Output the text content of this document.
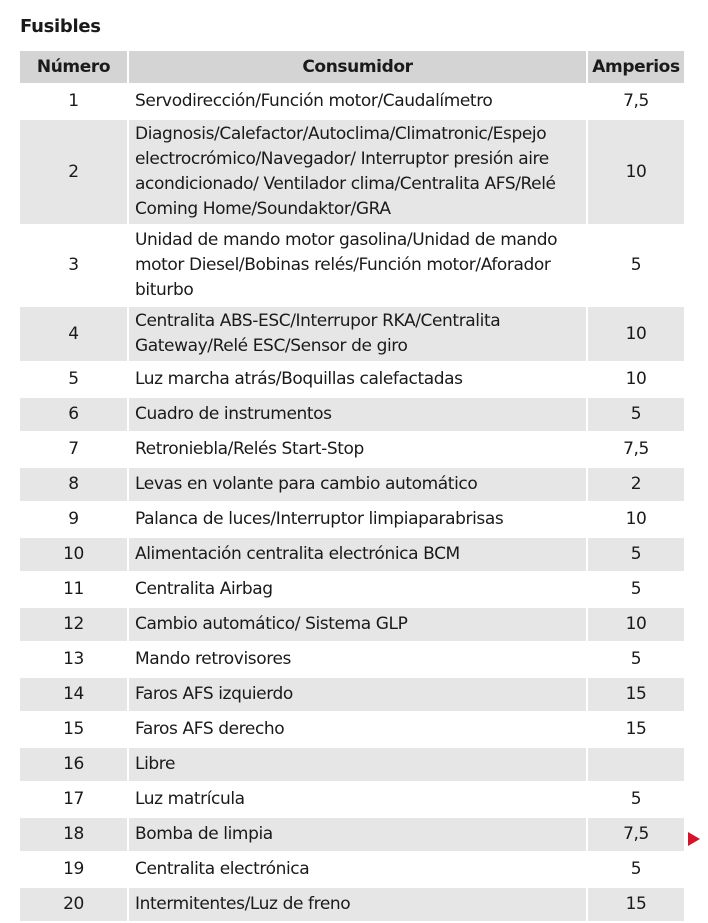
Fusibles
Número	Consumidor	Amperios
1	Servodirección/Función motor/Caudalímetro	7,5
2	Diagnosis/Calefactor/Autoclima/Climatronic/Espejo electrocrómico/Navegador/ Interruptor presión aire acondicionado/ Ventilador clima/Centralita AFS/Relé Coming Home/Soundaktor/GRA	10
3	Unidad de mando motor gasolina/Unidad de mando motor Diesel/Bobinas relés/Función motor/Aforador biturbo	5
4	Centralita ABS-ESC/Interrupor RKA/Centralita Gateway/Relé ESC/Sensor de giro	10
5	Luz marcha atrás/Boquillas calefactadas	10
6	Cuadro de instrumentos	5
7	Retroniebla/Relés Start-Stop	7,5
8	Levas en volante para cambio automático	2
9	Palanca de luces/Interruptor limpiaparabrisas	10
10	Alimentación centralita electrónica BCM	5
11	Centralita Airbag	5
12	Cambio automático/ Sistema GLP	10
13	Mando retrovisores	5
14	Faros AFS izquierdo	15
15	Faros AFS derecho	15
16	Libre	
17	Luz matrícula	5
18	Bomba de limpia	7,5
19	Centralita electrónica	5
20	Intermitentes/Luz de freno	15
